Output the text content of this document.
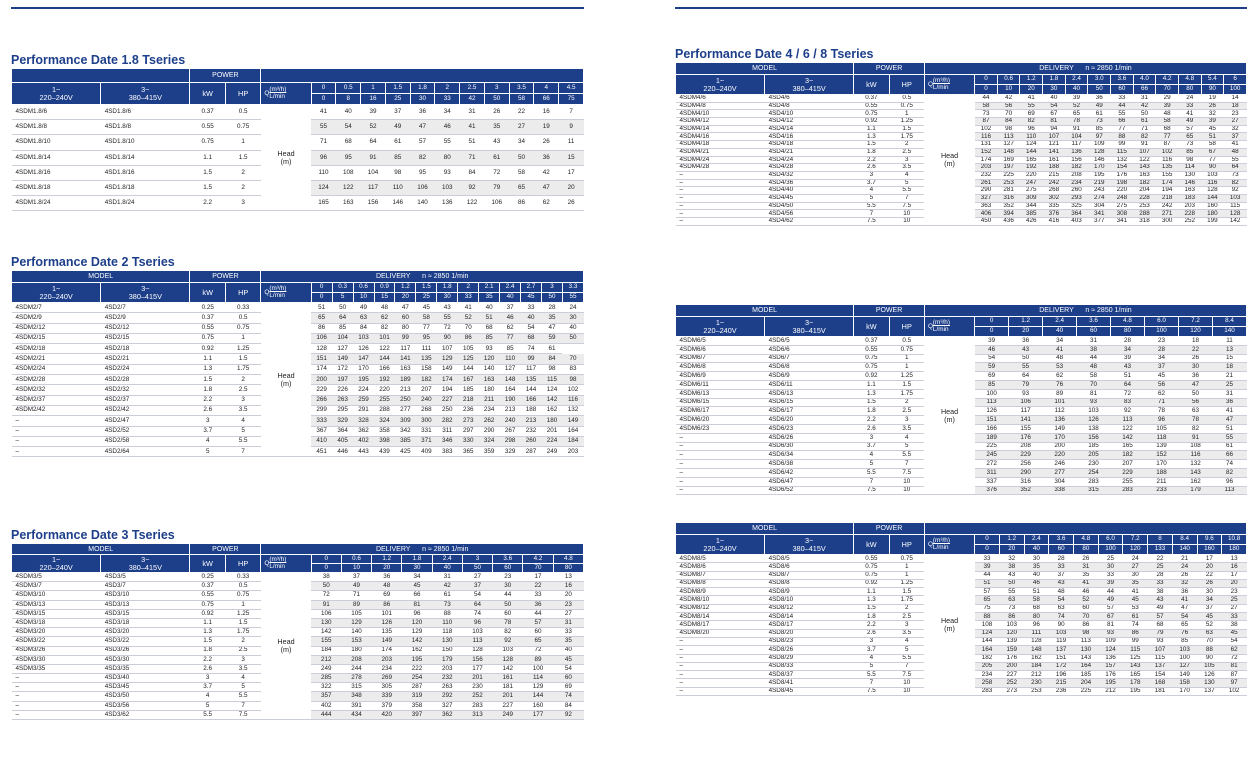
Performance Date 1.8 Tseries
		POWER													
1~
220–240V	3~
380–415V	kW	HP	Q(m³/h)
L/min	0	0.5	1	1.5	1.8	2	2.5	3	3.5	4	4.5
					0	8	16	25	30	33	42	50	58	66	75
4SDM1.8/6	4SD1.8/6	0.37	0.5	Head
(m)	41	40	39	37	36	34	31	26	22	16	7
4SDM1.8/8	4SD1.8/8	0.55	0.75		55	54	52	49	47	46	41	35	27	19	9
4SDM1.8/10	4SD1.8/10	0.75	1		71	68	64	61	57	55	51	43	34	26	11
4SDM1.8/14	4SD1.8/14	1.1	1.5		96	95	91	85	82	80	71	61	50	36	15
4SDM1.8/16	4SD1.8/16	1.5	2		110	108	104	98	95	93	84	72	58	42	17
4SDM1.8/18	4SD1.8/18	1.5	2		124	122	117	110	106	103	92	79	65	47	20
4SDM1.8/24	4SD1.8/24	2.2	3		165	163	156	146	140	136	122	106	86	62	26
Performance Date 2 Tseries
MODEL		POWER		DELIVERY      n ≈ 2850 1/min													
1~
220–240V	3~
380–415V	kW	HP	Q(m³/h)
L/min	0	0.3	0.6	0.9	1.2	1.5	1.8	2	2.1	2.4	2.7	3	3.3
					0	5	10	15	20	25	30	33	35	40	45	50	55
4SDM2/7	4SD2/7	0.25	0.33	Head
(m)	51	50	49	48	47	45	43	41	40	37	33	28	24
4SDM2/9	4SD2/9	0.37	0.5		65	64	63	62	60	58	55	52	51	46	40	35	30
4SDM2/12	4SD2/12	0.55	0.75		86	85	84	82	80	77	72	70	68	62	54	47	40
4SDM2/15	4SD2/15	0.75	1		106	104	103	101	99	95	90	86	85	77	68	59	50
4SDM2/18	4SD2/18	0.92	1.25		128	127	126	122	117	111	107	105	93	85	74	61	
4SDM2/21	4SD2/21	1.1	1.5		151	149	147	144	141	135	129	125	120	110	99	84	70
4SDM2/24	4SD2/24	1.3	1.75		174	172	170	166	163	158	149	144	140	127	117	98	83
4SDM2/28	4SD2/28	1.5	2		200	197	195	192	189	182	174	167	163	148	135	115	98
4SDM2/32	4SD2/32	1.8	2.5		229	226	224	220	213	207	194	185	180	164	144	124	102
4SDM2/37	4SD2/37	2.2	3		266	263	259	255	250	240	227	218	211	190	166	142	116
4SDM2/42	4SD2/42	2.6	3.5		299	295	291	288	277	268	250	236	234	213	188	162	132
–	4SD2/47	3	4		333	329	328	324	309	300	282	273	262	240	213	180	149
–	4SD2/52	3.7	5		367	364	362	358	342	331	311	297	290	267	232	201	164
–	4SD2/58	4	5.5		410	405	402	398	385	371	346	330	324	298	260	224	184
–	4SD2/64	5	7		451	446	443	439	425	409	383	365	359	329	287	249	203
Performance Date 3 Tseries
MODEL		POWER		DELIVERY      n ≈ 2850 1/min									
1~
220–240V	3~
380–415V	kW	HP	Q(m³/h)
L/min	0	0.6	1.2	1.8	2.4	3	3.6	4.2	4.8
					0	10	20	30	40	50	60	70	80
4SDM3/5	4SD3/5	0.25	0.33	Head
(m)	38	37	36	34	31	27	23	17	13
4SDM3/7	4SD3/7	0.37	0.5		50	49	48	45	42	37	30	22	16
4SDM3/10	4SD3/10	0.55	0.75		72	71	69	66	61	54	44	33	20
4SDM3/13	4SD3/13	0.75	1		91	89	86	81	73	64	50	36	23
4SDM3/15	4SD3/15	0.92	1.25		106	105	101	96	88	74	60	44	27
4SDM3/18	4SD3/18	1.1	1.5		130	129	126	120	110	96	78	57	31
4SDM3/20	4SD3/20	1.3	1.75		142	140	135	129	118	103	82	60	33
4SDM3/22	4SD3/22	1.5	2		155	153	149	142	130	113	92	65	35
4SDM3/26	4SD3/26	1.8	2.5		184	180	174	162	150	128	103	72	40
4SDM3/30	4SD3/30	2.2	3		212	208	203	195	179	156	128	89	45
4SDM3/35	4SD3/35	2.6	3.5		249	244	234	222	203	177	142	100	54
–	4SD3/40	3	4		285	278	269	254	232	201	161	114	60
–	4SD3/45	3.7	5		322	315	305	287	263	230	181	129	69
–	4SD3/50	4	5.5		357	348	339	319	292	252	201	144	74
–	4SD3/56	5	7		402	391	379	358	327	283	227	160	84
–	4SD3/62	5.5	7.5		444	434	420	397	362	313	249	177	92
Performance Date 4 / 6 / 8 Tseries
MODEL		POWER		DELIVERY      n ≈ 2850 1/min												
1~
220–240V	3~
380–415V	kW	HP	Q(m³/h)
L/min	0	0.6	1.2	1.8	2.4	3.0	3.6	4.0	4.2	4.8	5.4	6
					0	10	20	30	40	50	60	66	70	80	90	100
4SDM4/6	4SD4/6	0.37	0.5	Head
(m)	44	42	41	40	39	36	33	31	29	24	19	14
4SDM4/8	4SD4/8	0.55	0.75		58	56	55	54	52	49	44	42	39	33	26	18
4SDM4/10	4SD4/10	0.75	1		73	70	69	67	65	61	55	50	48	41	32	23
4SDM4/12	4SD4/12	0.92	1.25		87	84	82	81	78	73	66	61	58	49	39	27
4SDM4/14	4SD4/14	1.1	1.5		102	98	96	94	91	85	77	71	68	57	45	32
4SDM4/16	4SD4/16	1.3	1.75		116	113	110	107	104	97	88	82	77	65	51	37
4SDM4/18	4SD4/18	1.5	2		131	127	124	121	117	109	99	91	87	73	58	41
4SDM4/21	4SD4/21	1.8	2.5		152	148	144	141	136	128	115	107	102	85	67	48
4SDM4/24	4SD4/24	2.2	3		174	169	165	161	156	146	132	122	116	98	77	55
4SDM4/28	4SD4/28	2.6	3.5		203	197	192	188	182	170	154	143	135	114	90	64
–	4SD4/32	3	4		232	225	220	215	208	195	176	163	155	130	103	73
–	4SD4/36	3.7	5		261	253	247	242	234	219	198	182	174	146	116	82
–	4SD4/40	4	5.5		290	281	275	268	260	243	220	204	194	163	128	92
–	4SD4/45	5	7		327	316	309	302	293	274	248	228	218	183	144	103
–	4SD4/50	5.5	7.5		363	352	344	335	325	304	275	253	242	203	160	115
–	4SD4/56	7	10		406	394	385	376	364	341	308	288	271	228	180	128
–	4SD4/62	7.5	10		450	436	426	416	403	377	341	318	300	252	199	142
MODEL		POWER		DELIVERY      n ≈ 2850 1/min								
1~
220–240V	3~
380–415V	kW	HP	Q(m³/h)
L/min	0	1.2	2.4	3.6	4.8	6.0	7.2	8.4
					0	20	40	60	80	100	120	140
4SDM6/5	4SD6/5	0.37	0.5	Head
(m)	39	36	34	31	28	23	18	11
4SDM6/6	4SD6/6	0.55	0.75		46	43	41	38	34	28	22	13
4SDM6/7	4SD6/7	0.75	1		54	50	48	44	39	34	26	15
4SDM6/8	4SD6/8	0.75	1		59	55	53	48	43	37	30	18
4SDM6/9	4SD6/9	0.92	1.25		69	64	62	58	51	45	36	21
4SDM6/11	4SD6/11	1.1	1.5		85	79	76	70	64	56	47	25
4SDM6/13	4SD6/13	1.3	1.75		100	93	89	81	72	62	50	31
4SDM6/15	4SD6/15	1.5	2		113	106	101	93	83	71	56	36
4SDM6/17	4SD6/17	1.8	2.5		126	117	112	103	92	78	63	41
4SDM6/20	4SD6/20	2.2	3		151	141	136	126	113	96	78	47
4SDM6/23	4SD6/23	2.6	3.5		166	155	149	138	122	105	82	51
–	4SD6/26	3	4		189	176	170	156	142	118	91	55
–	4SD6/30	3.7	5		225	208	200	185	165	139	108	61
–	4SD6/34	4	5.5		245	229	220	205	182	152	116	66
–	4SD6/38	5	7		272	256	246	230	207	170	132	74
–	4SD6/42	5.5	7.5		311	290	277	254	229	188	143	82
–	4SD6/47	7	10		337	316	304	283	255	211	162	96
–	4SD6/52	7.5	10		376	352	338	315	283	233	179	113
MODEL		POWER													
1~
220–240V	3~
380–415V	kW	HP	Q(m³/h)
L/min	0	1.2	2.4	3.6	4.8	6.0	7.2	8	8.4	9.6	10.8
					0	20	40	60	80	100	120	133	140	160	180
4SDM8/5	4SD8/5	0.55	0.75	Head
(m)	33	32	30	28	26	25	24	22	21	17	13
4SDM8/6	4SD8/6	0.75	1		39	38	35	33	31	30	27	25	24	20	16
4SDM8/7	4SD8/7	0.75	1		44	43	40	37	35	33	30	28	26	22	17
4SDM8/8	4SD8/8	0.92	1.25		51	50	46	43	41	39	35	33	32	26	20
4SDM8/9	4SD8/9	1.1	1.5		57	55	51	48	46	44	41	38	36	30	23
4SDM8/10	4SD8/10	1.3	1.75		65	63	58	54	52	49	45	43	41	34	25
4SDM8/12	4SD8/12	1.5	2		75	73	68	63	60	57	53	49	47	37	27
4SDM8/14	4SD8/14	1.8	2.5		88	86	80	74	70	67	61	57	54	45	33
4SDM8/17	4SD8/17	2.2	3		108	103	96	90	86	81	74	68	65	52	38
4SDM8/20	4SD8/20	2.6	3.5		124	120	111	103	98	93	86	79	76	63	45
–	4SD8/23	3	4		144	139	128	119	113	109	99	93	85	70	54
–	4SD8/26	3.7	5		164	159	148	137	130	124	115	107	103	88	62
–	4SD8/29	4	5.5		182	176	162	151	143	136	125	115	100	90	72
–	4SD8/33	5	7		205	200	184	172	164	157	143	137	127	105	81
–	4SD8/37	5.5	7.5		234	227	212	196	185	176	165	154	149	126	87
–	4SD8/41	7	10		258	252	230	215	204	195	178	168	158	130	97
–	4SD8/45	7.5	10		283	273	253	236	225	212	195	181	170	137	102
